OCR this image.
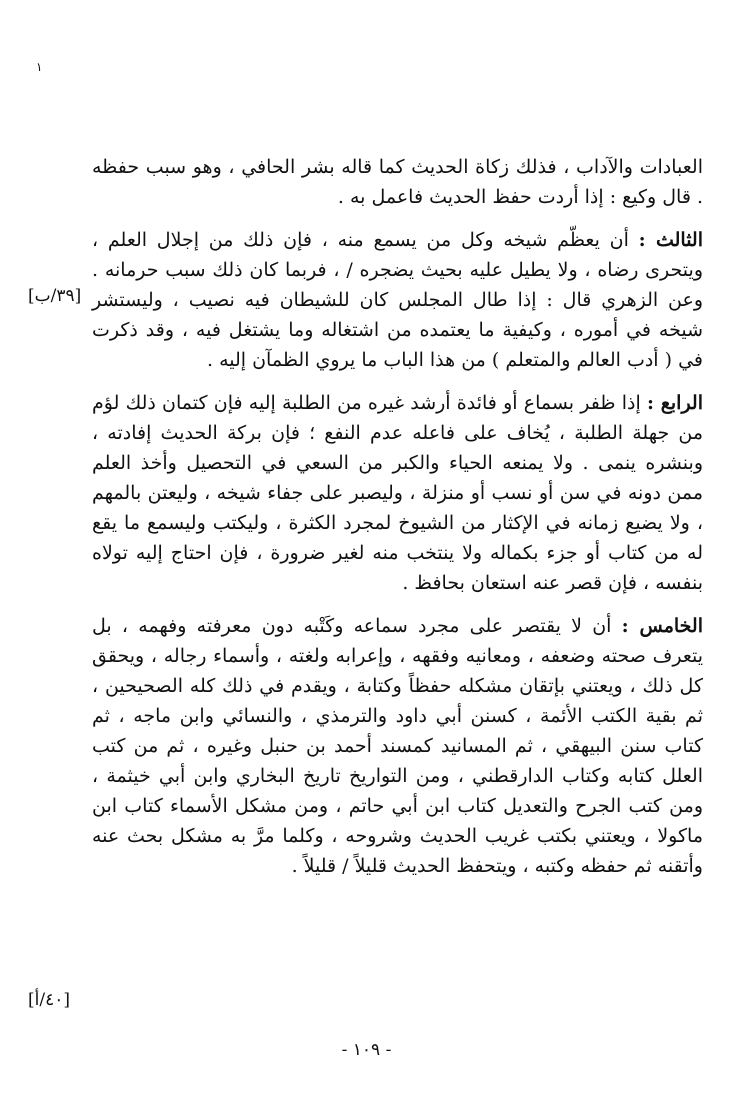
١

العبادات والآداب ، فذلك زكاة الحديث كما قاله بشر الحافي ، وهو سبب حفظه . قال وكيع : إذا أردت حفظ الحديث فاعمل به .

الثالث : أن يعظّم شيخه وكل من يسمع منه ، فإن ذلك من إجلال العلم ، ويتحرى رضاه ، ولا يطيل عليه بحيث يضجره / ، فربما كان ذلك سبب حرمانه . وعن الزهري قال : إذا طال المجلس كان للشيطان فيه نصيب ، وليستشر شيخه في أموره ، وكيفية ما يعتمده من اشتغاله وما يشتغل فيه ، وقد ذكرت في ( أدب العالم والمتعلم ) من هذا الباب ما يروي الظمآن إليه .

الرابع : إذا ظفر بسماع أو فائدة أرشد غيره من الطلبة إليه فإن كتمان ذلك لؤم من جهلة الطلبة ، يُخاف على فاعله عدم النفع ؛ فإن بركة الحديث إفادته ، وبنشره ينمى . ولا يمنعه الحياء والكبر من السعي في التحصيل وأخذ العلم ممن دونه في سن أو نسب أو منزلة ، وليصبر على جفاء شيخه ، وليعتن بالمهم ، ولا يضيع زمانه في الإكثار من الشيوخ لمجرد الكثرة ، وليكتب وليسمع ما يقع له من كتاب أو جزء بكماله ولا ينتخب منه لغير ضرورة ، فإن احتاج إليه تولاه بنفسه ، فإن قصر عنه استعان بحافظ .

الخامس : أن لا يقتصر على مجرد سماعه وكَتْبه دون معرفته وفهمه ، بل يتعرف صحته وضعفه ، ومعانيه وفقهه ، وإعرابه ولغته ، وأسماء رجاله ، ويحقق كل ذلك ، ويعتني بإتقان مشكله حفظاً وكتابة ، ويقدم في ذلك كله الصحيحين ، ثم بقية الكتب الأئمة ، كسنن أبي داود والترمذي ، والنسائي وابن ماجه ، ثم كتاب سنن البيهقي ، ثم المسانيد كمسند أحمد بن حنبل وغيره ، ثم من كتب العلل كتابه وكتاب الدارقطني ، ومن التواريخ تاريخ البخاري وابن أبي خيثمة ، ومن كتب الجرح والتعديل كتاب ابن أبي حاتم ، ومن مشكل الأسماء كتاب ابن ماكولا ، ويعتني بكتب غريب الحديث وشروحه ، وكلما مرَّ به مشكل بحث عنه وأتقنه ثم حفظه وكتبه ، ويتحفظ الحديث قليلاً / قليلاً .

[٣٩/ب]
[٤٠/أ]
- ١٠٩ -
